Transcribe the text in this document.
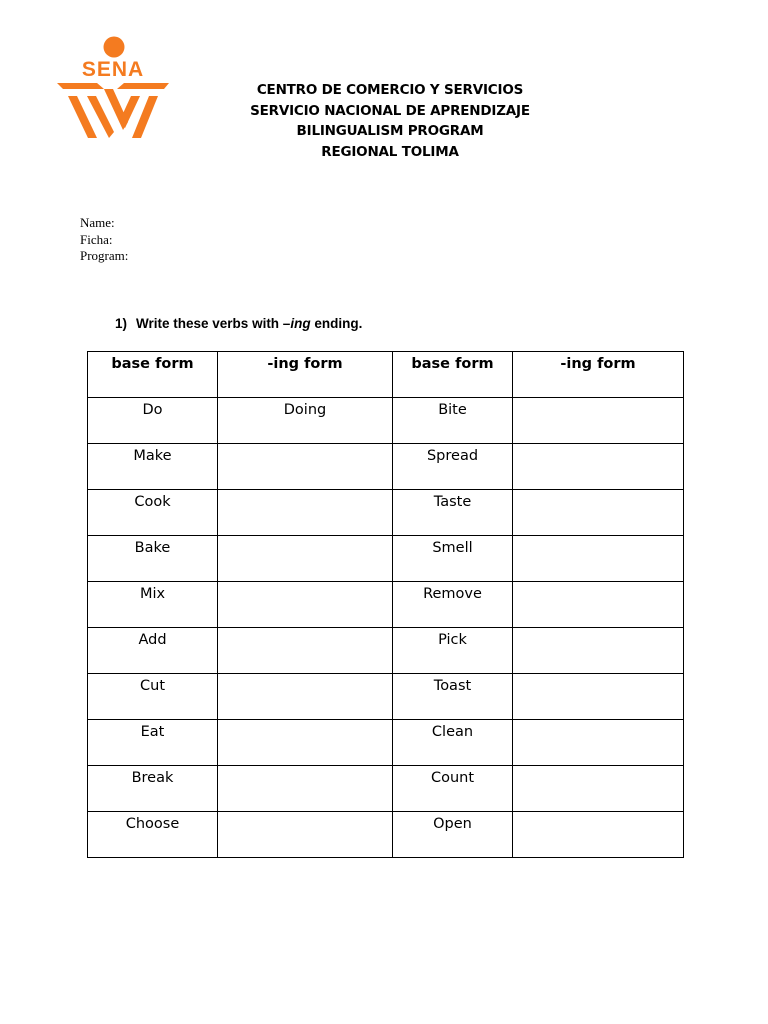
SENA
CENTRO DE COMERCIO Y SERVICIOS
SERVICIO NACIONAL DE APRENDIZAJE
BILINGUALISM PROGRAM
REGIONAL TOLIMA
Name:
Ficha:
Program:
1) Write these verbs with –ing ending.
base form	-ing form	base form	-ing form

Do	Doing	Bite	

Make		Spread	

Cook		Taste	

Bake		Smell	

Mix		Remove	

Add		Pick	

Cut		Toast	

Eat		Clean	

Break		Count	

Choose		Open	
